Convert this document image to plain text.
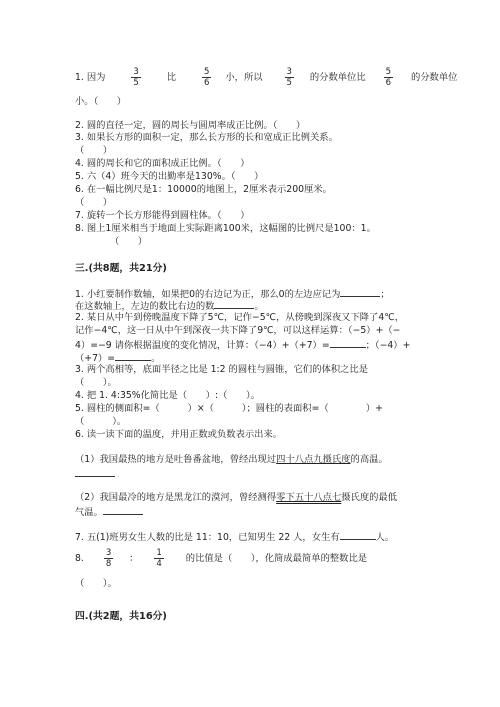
1. 因为	$\frac{3}{5}$	比	$\frac{5}{6}$ 小，所以	$\frac{3}{5}$ 的分数单位比 $\frac{5}{6}$ 的分数单位
小。（　　）
2. 圆的直径一定，圆的周长与圆周率成正比例。（　　）
3. 如果长方形的面积一定，那么长方形的长和宽成正比例关系。
（　　）
4. 圆的周长和它的面积成正比例。（　　）
5. 六（4）班今天的出勤率是130%。（　　）
6. 在一幅比例尺是1：10000的地图上，2厘米表示200厘米。
（　　）
7. 旋转一个长方形能得到圆柱体。（　　）
8. 图上1厘米相当于地面上实际距离100米，这幅图的比例尺是100：1。
（　　）
三.(共8题，共21分)
1. 小红要制作数轴，如果把0的右边记为正，那么0的左边应记为	；
在这数轴上，左边的数比右边的数	。
2. 某日从中午到傍晚温度下降了5℃，记作−5℃，从傍晚到深夜又下降了4℃，
记作−4℃，这一日从中午到深夜一共下降了9℃，可以这样运算：（−5）+（−
4）=−9 请你根据温度的变化情况，计算：（−4）+（+7）=	；（−4）+
（+7）=	。
3. 两个高相等，底面半径之比是 1:2 的圆柱与圆锥，它们的体积之比是
（　　）。
4. 把 1. 4:35%化简比是（　　）:（　　）。
5. 圆柱的侧面积=（　　　）×（　　　）；圆柱的表面积=（　　　　）+
（　　　）。
6. 读一读下面的温度，并用正数或负数表示出来。
（1）我国最热的地方是吐鲁番盆地，曾经出现过四十八点九摄氏度的高温。
（2）我国最冷的地方是黑龙江的漠河，曾经测得零下五十八点七摄氏度的最低
气温。
7. 五(1)班男女生人数的比是 11：10，已知男生 22 人，女生有	人。
8. $\frac{3}{8}$ ： $\frac{1}{4}$ 的比值是（　　），化简成最简单的整数比是
（　　）。
四.(共2题，共16分)
